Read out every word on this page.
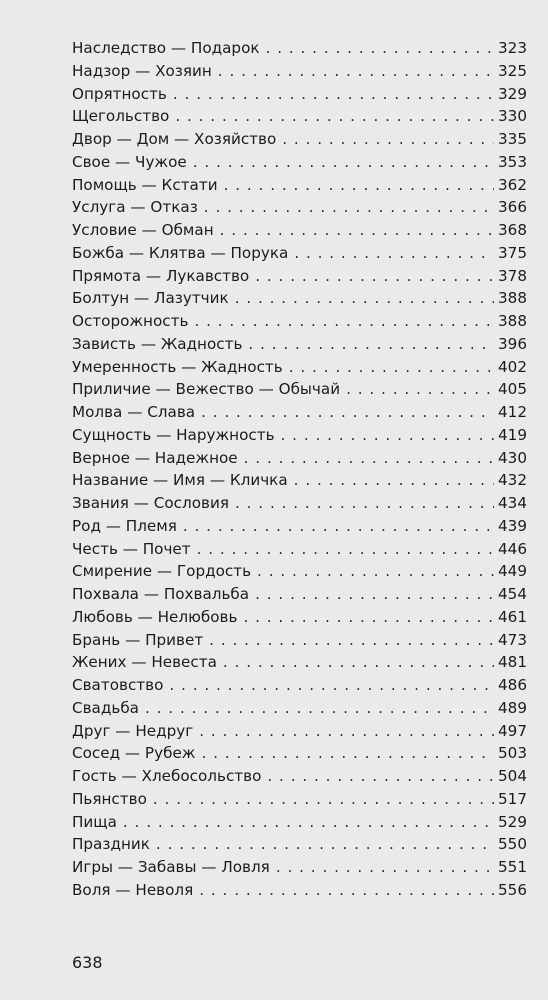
Наследство — Подарок . . .	323
Надзор — Хозяин . . .	325
Опрятность . . .	329
Щегольство . . .	330
Двор — Дом — Хозяйство . . .	335
Свое — Чужое . . .	353
Помощь — Кстати . . .	362
Услуга — Отказ . . .	366
Условие — Обман . . .	368
Божба — Клятва — Порука . . .	375
Прямота — Лукавство . . .	378
Болтун — Лазутчик . . .	388
Осторожность . . .	388
Зависть — Жадность . . .	396
Умеренность — Жадность . . .	402
Приличие — Вежество — Обычай . . .	405
Молва — Слава . . .	412
Сущность — Наружность . . .	419
Верное — Надежное . . .	430
Название — Имя — Кличка . . .	432
Звания — Сословия . . .	434
Род — Племя . . .	439
Честь — Почет . . .	446
Смирение — Гордость . . .	449
Похвала — Похвальба . . .	454
Любовь — Нелюбовь . . .	461
Брань — Привет . . .	473
Жених — Невеста . . .	481
Сватовство . . .	486
Свадьба . . .	489
Друг — Недруг . . .	497
Сосед — Рубеж . . .	503
Гость — Хлебосольство . . .	504
Пьянство . . .	517
Пища . . .	529
Праздник . . .	550
Игры — Забавы — Ловля . . .	551
Воля — Неволя . . .	556
638
